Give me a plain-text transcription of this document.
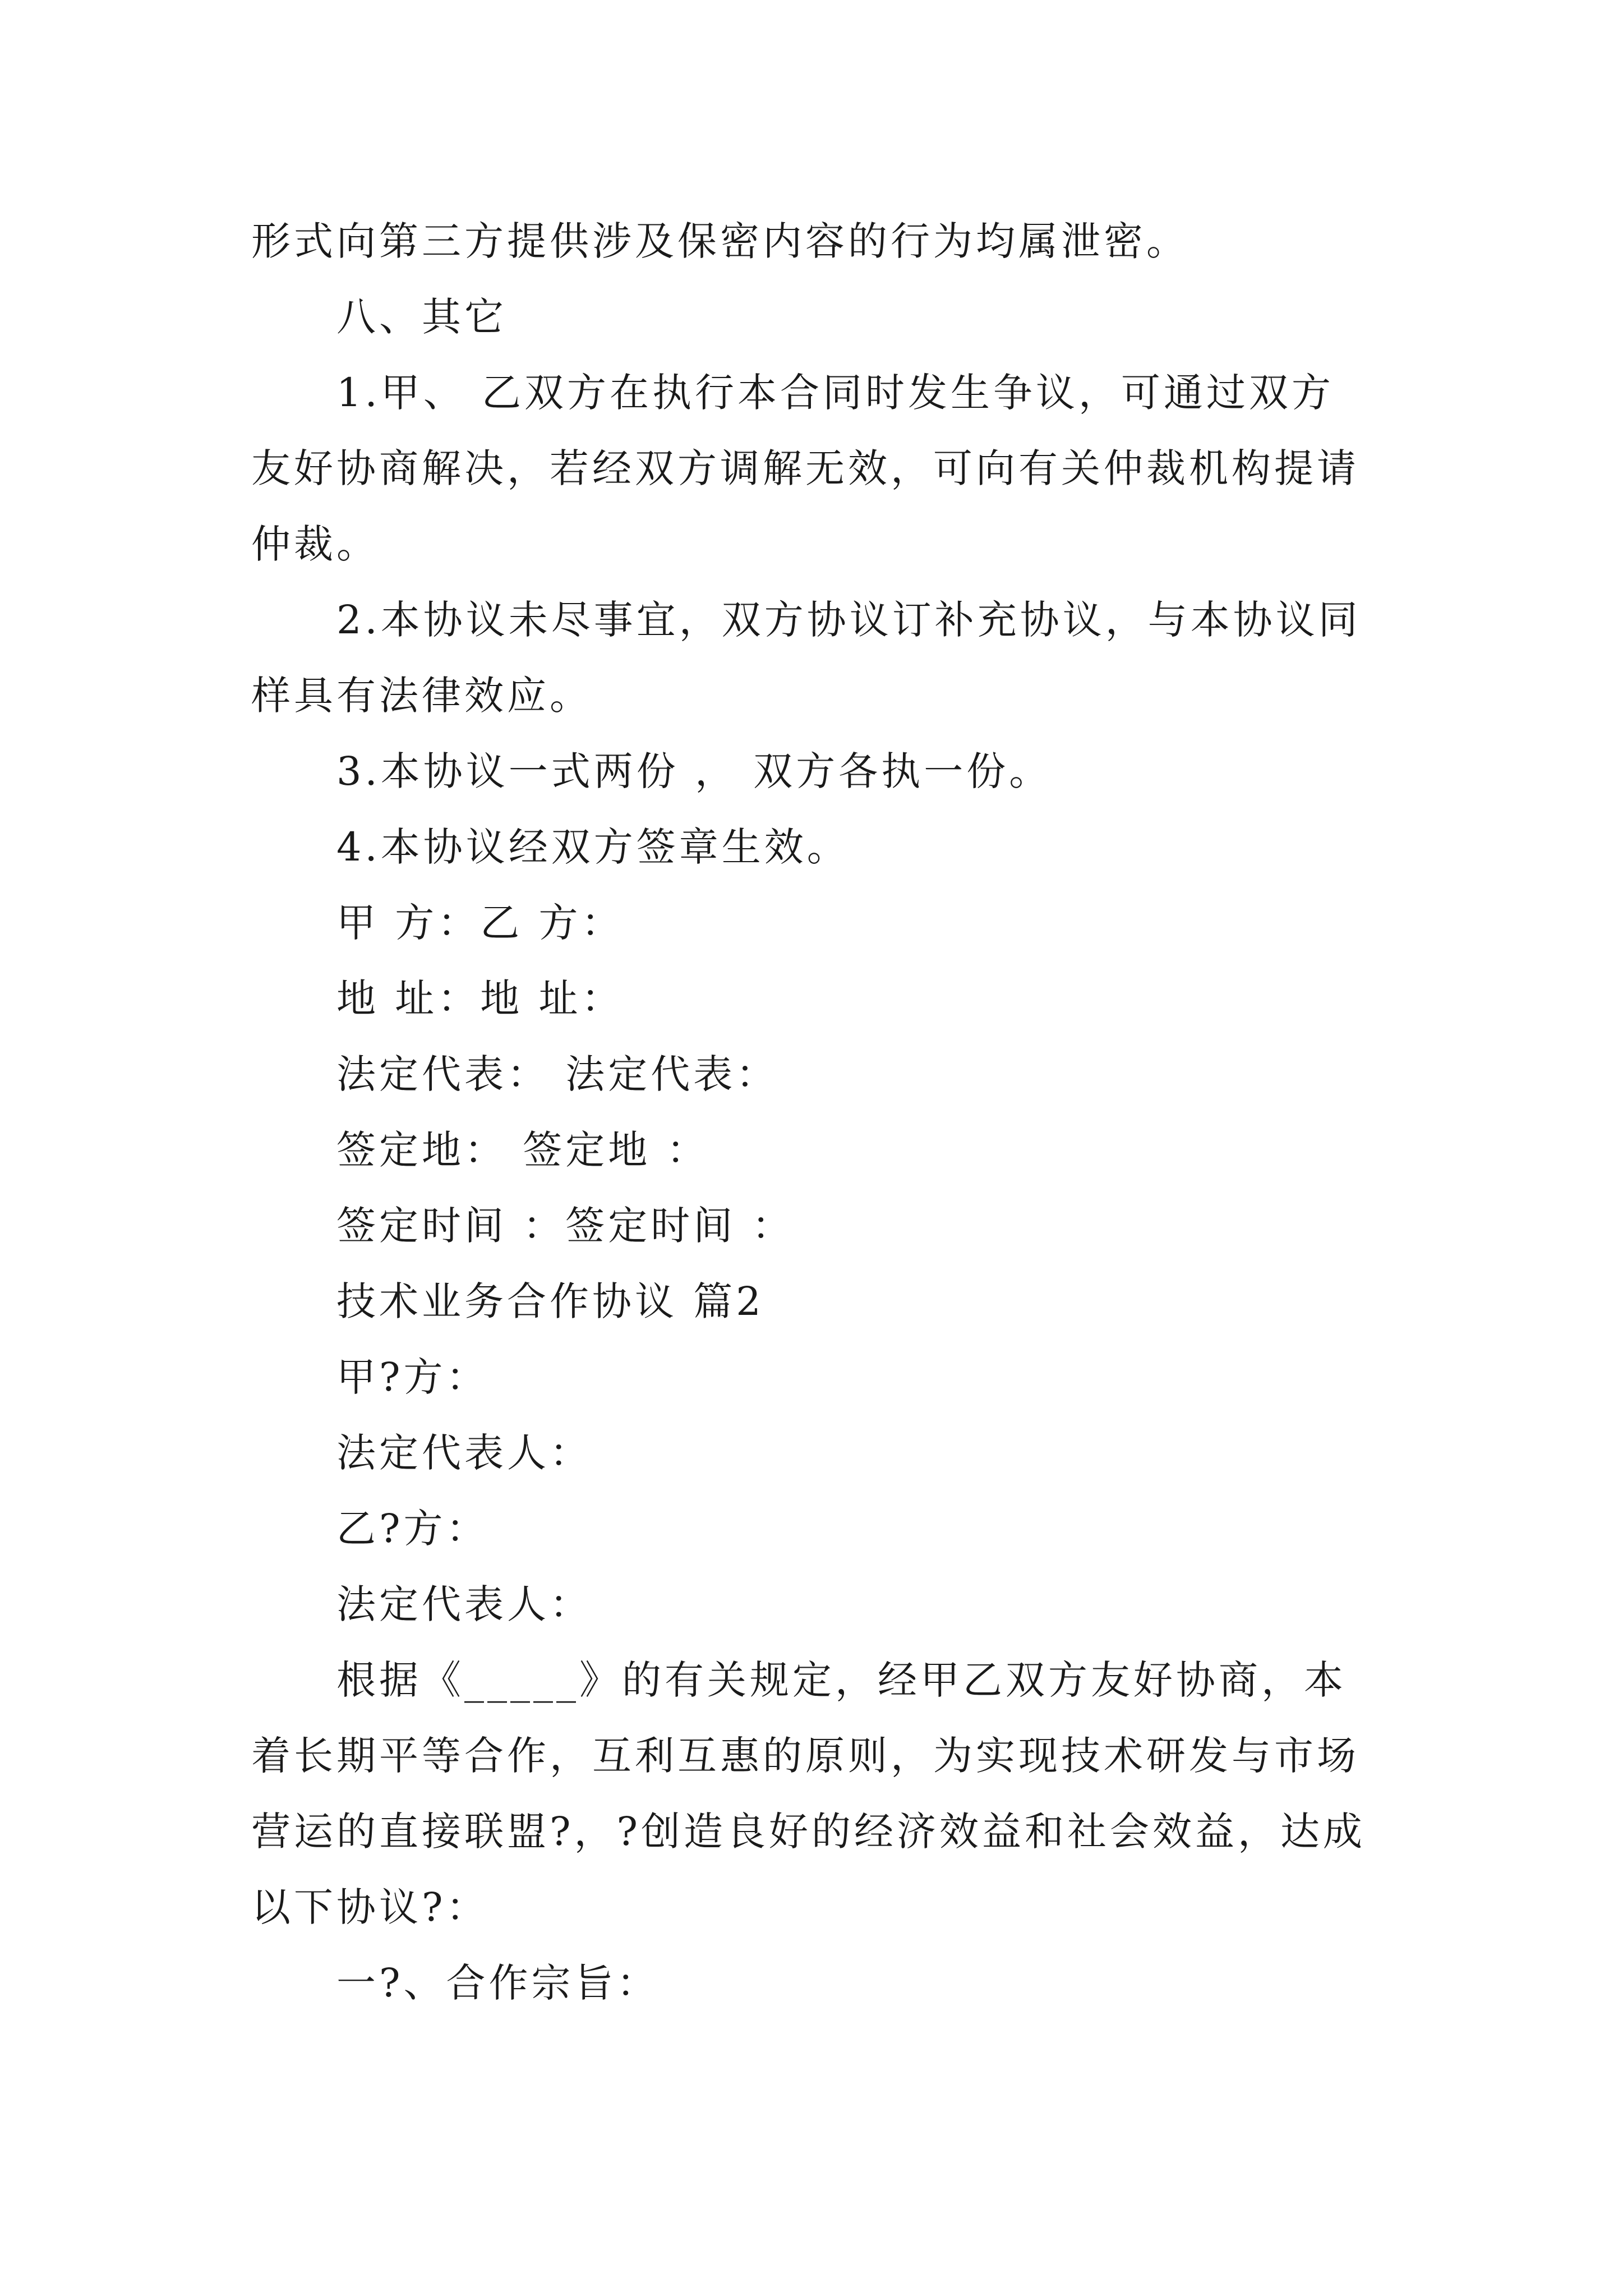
形式向第三方提供涉及保密内容的行为均属泄密。
八、其它
1.甲、 乙双方在执行本合同时发生争议，可通过双方
友好协商解决，若经双方调解无效，可向有关仲裁机构提请
仲裁。
2.本协议未尽事宜，双方协议订补充协议，与本协议同
样具有法律效应。
3.本协议一式两份 ， 双方各执一份。
4.本协议经双方签章生效。
甲 方：乙 方：
地 址：地 址：
法定代表： 法定代表：
签定地： 签定地 ：
签定时间 ：签定时间 ：
技术业务合作协议 篇2
甲?方：
法定代表人：
乙?方：
法定代表人：
根据《_____》的有关规定，经甲乙双方友好协商，本
着长期平等合作，互利互惠的原则，为实现技术研发与市场
营运的直接联盟?，?创造良好的经济效益和社会效益，达成
以下协议?：
一?、合作宗旨：
